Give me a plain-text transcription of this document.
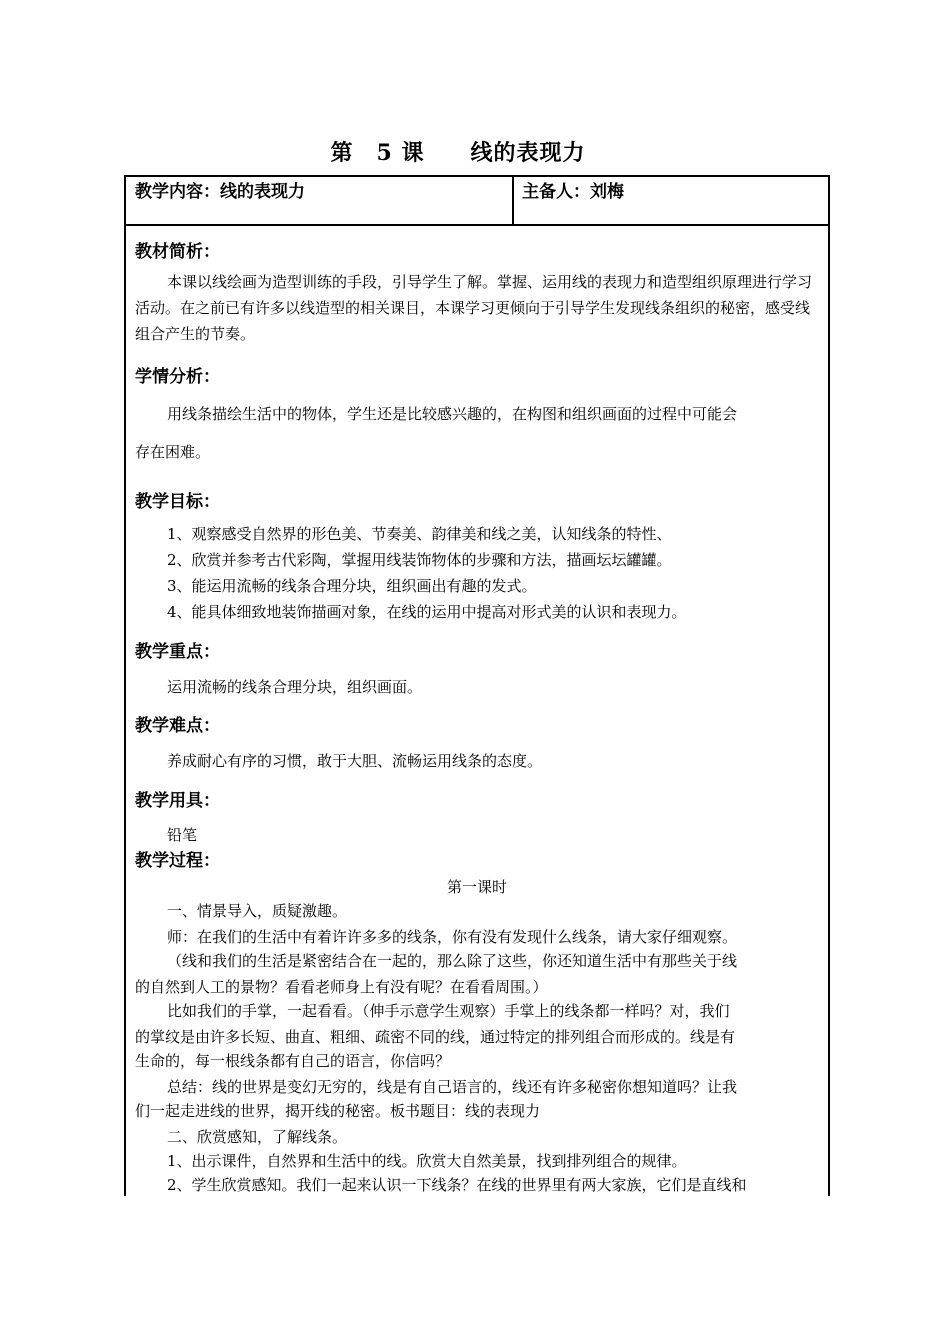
第　5 课　　线的表现力
教学内容：线的表现力	主备人：刘梅
教材简析：
本课以线绘画为造型训练的手段，引导学生了解。掌握、运用线的表现力和造型组织原理进行学习活动。在之前已有许多以线造型的相关课目，本课学习更倾向于引导学生发现线条组织的秘密，感受线组合产生的节奏。
学情分析：
用线条描绘生活中的物体，学生还是比较感兴趣的，在构图和组织画面的过程中可能会
存在困难。
教学目标：
1、观察感受自然界的形色美、节奏美、韵律美和线之美，认知线条的特性、
2、欣赏并参考古代彩陶，掌握用线装饰物体的步骤和方法，描画坛坛罐罐。
3、能运用流畅的线条合理分块，组织画出有趣的发式。
4、能具体细致地装饰描画对象，在线的运用中提高对形式美的认识和表现力。
教学重点：
运用流畅的线条合理分块，组织画面。
教学难点：
养成耐心有序的习惯，敢于大胆、流畅运用线条的态度。
教学用具：
铅笔
教学过程：
第一课时
一、情景导入，质疑激趣。
师：在我们的生活中有着许许多多的线条，你有没有发现什么线条，请大家仔细观察。
（线和我们的生活是紧密结合在一起的，那么除了这些，你还知道生活中有那些关于线
的自然到人工的景物？看看老师身上有没有呢？在看看周围。）
比如我们的手掌，一起看看。（伸手示意学生观察）手掌上的线条都一样吗？对，我们
的掌纹是由许多长短、曲直、粗细、疏密不同的线，通过特定的排列组合而形成的。线是有
生命的，每一根线条都有自己的语言，你信吗？
总结：线的世界是变幻无穷的，线是有自己语言的，线还有许多秘密你想知道吗？让我
们一起走进线的世界，揭开线的秘密。板书题目：线的表现力
二、欣赏感知，了解线条。
1、出示课件，自然界和生活中的线。欣赏大自然美景，找到排列组合的规律。
2、学生欣赏感知。我们一起来认识一下线条？在线的世界里有两大家族，它们是直线和
